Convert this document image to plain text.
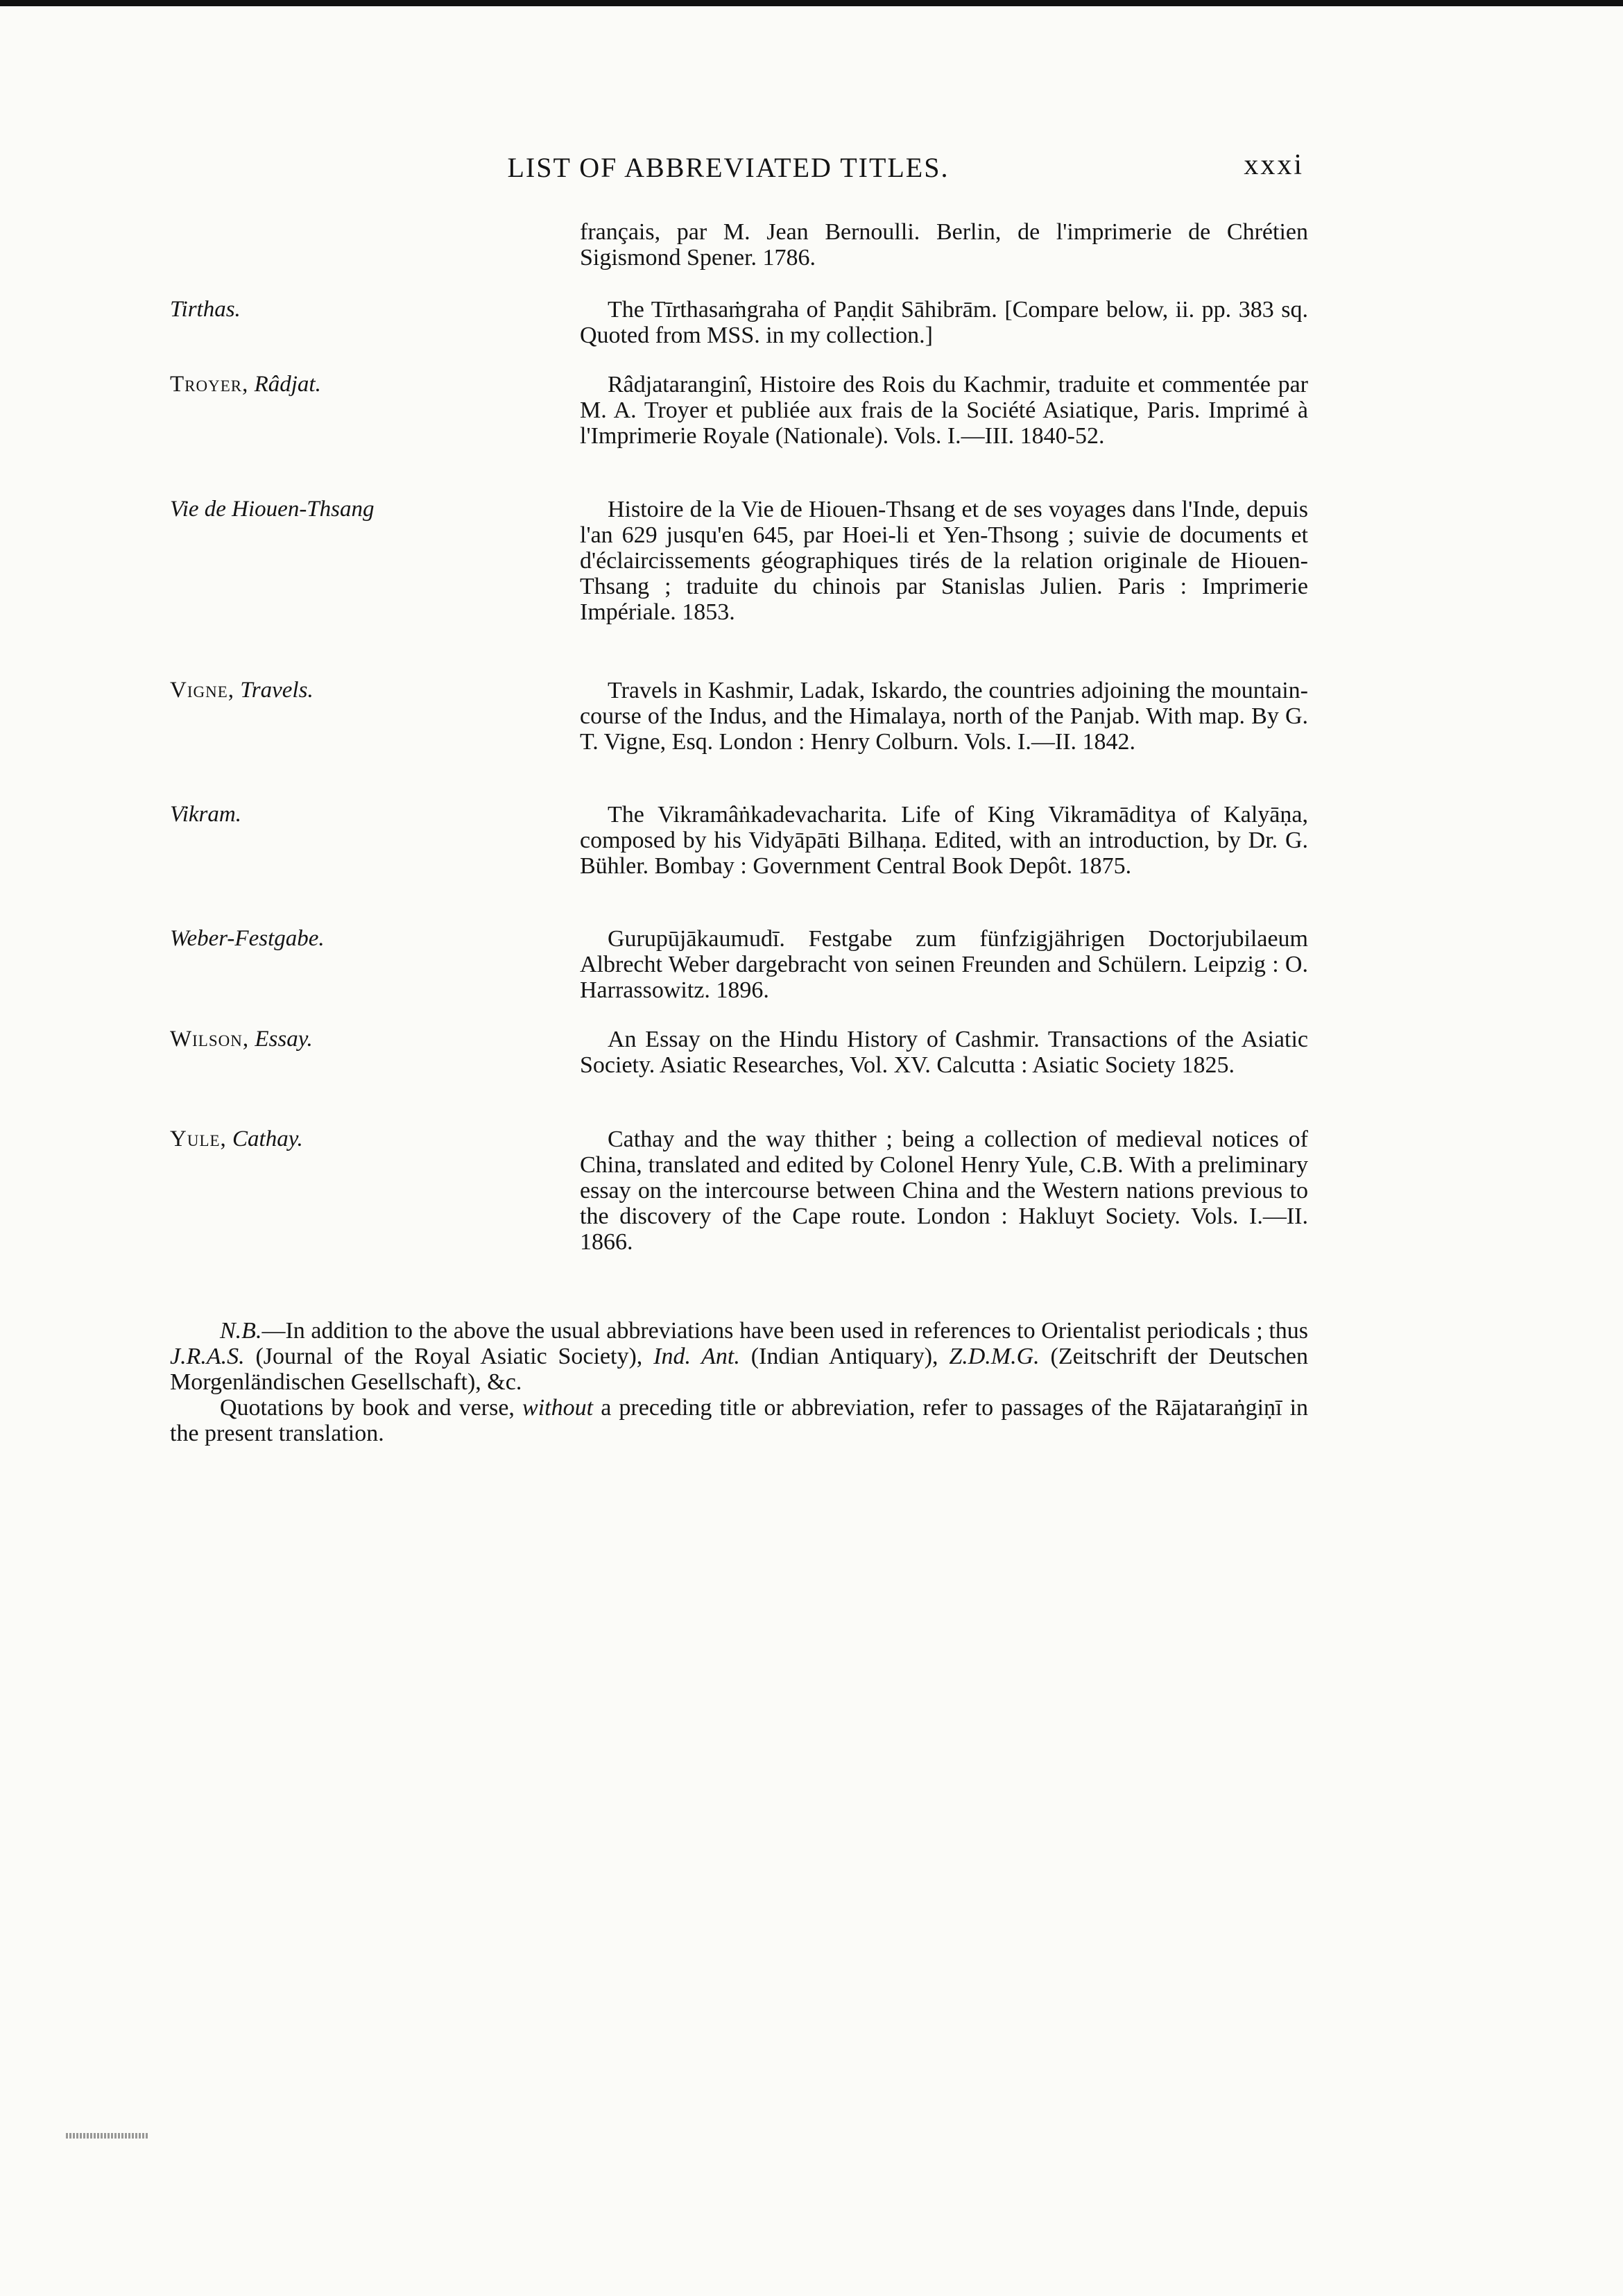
LIST OF ABBREVIATED TITLES.	xxxi
français, par M. Jean Bernoulli. Berlin, de l'imprimerie de Chrétien Sigismond Spener. 1786.
Tirthas.	The Tīrthasaṁgraha of Paṇḍit Sāhibrām. [Compare below, ii. pp. 383 sq. Quoted from MSS. in my collection.]
Troyer, Râdjat.	Râdjataranginî, Histoire des Rois du Kachmir, traduite et commentée par M. A. Troyer et publiée aux frais de la Société Asiatique, Paris. Imprimé à l'Imprimerie Royale (Nationale). Vols. I.—III. 1840-52.
Vie de Hiouen-Thsang	Histoire de la Vie de Hiouen-Thsang et de ses voyages dans l'Inde, depuis l'an 629 jusqu'en 645, par Hoei-li et Yen-Thsong ; suivie de documents et d'éclaircissements géographiques tirés de la relation originale de Hiouen-Thsang ; traduite du chinois par Stanislas Julien. Paris : Imprimerie Impériale. 1853.
Vigne, Travels.	Travels in Kashmir, Ladak, Iskardo, the countries adjoining the mountain-course of the Indus, and the Himalaya, north of the Panjab. With map. By G. T. Vigne, Esq. London : Henry Colburn. Vols. I.—II. 1842.
Vikram.	The Vikramâṅkadevacharita. Life of King Vikramāditya of Kalyāṇa, composed by his Vidyāpāti Bilhaṇa. Edited, with an introduction, by Dr. G. Bühler. Bombay : Government Central Book Depôt. 1875.
Weber-Festgabe.	Gurupūjākaumudī. Festgabe zum fünfzigjährigen Doctorjubilaeum Albrecht Weber dargebracht von seinen Freunden and Schülern. Leipzig : O. Harrassowitz. 1896.
Wilson, Essay.	An Essay on the Hindu History of Cashmir. Transactions of the Asiatic Society. Asiatic Researches, Vol. XV. Calcutta : Asiatic Society 1825.
Yule, Cathay.	Cathay and the way thither ; being a collection of medieval notices of China, translated and edited by Colonel Henry Yule, C.B. With a preliminary essay on the intercourse between China and the Western nations previous to the discovery of the Cape route. London : Hakluyt Society. Vols. I.—II. 1866.

N.B.—In addition to the above the usual abbreviations have been used in references to Orientalist periodicals ; thus J.R.A.S. (Journal of the Royal Asiatic Society), Ind. Ant. (Indian Antiquary), Z.D.M.G. (Zeitschrift der Deutschen Morgenländischen Gesellschaft), &c.

Quotations by book and verse, without a preceding title or abbreviation, refer to passages of the Rājataraṅgiṇī in the present translation.
